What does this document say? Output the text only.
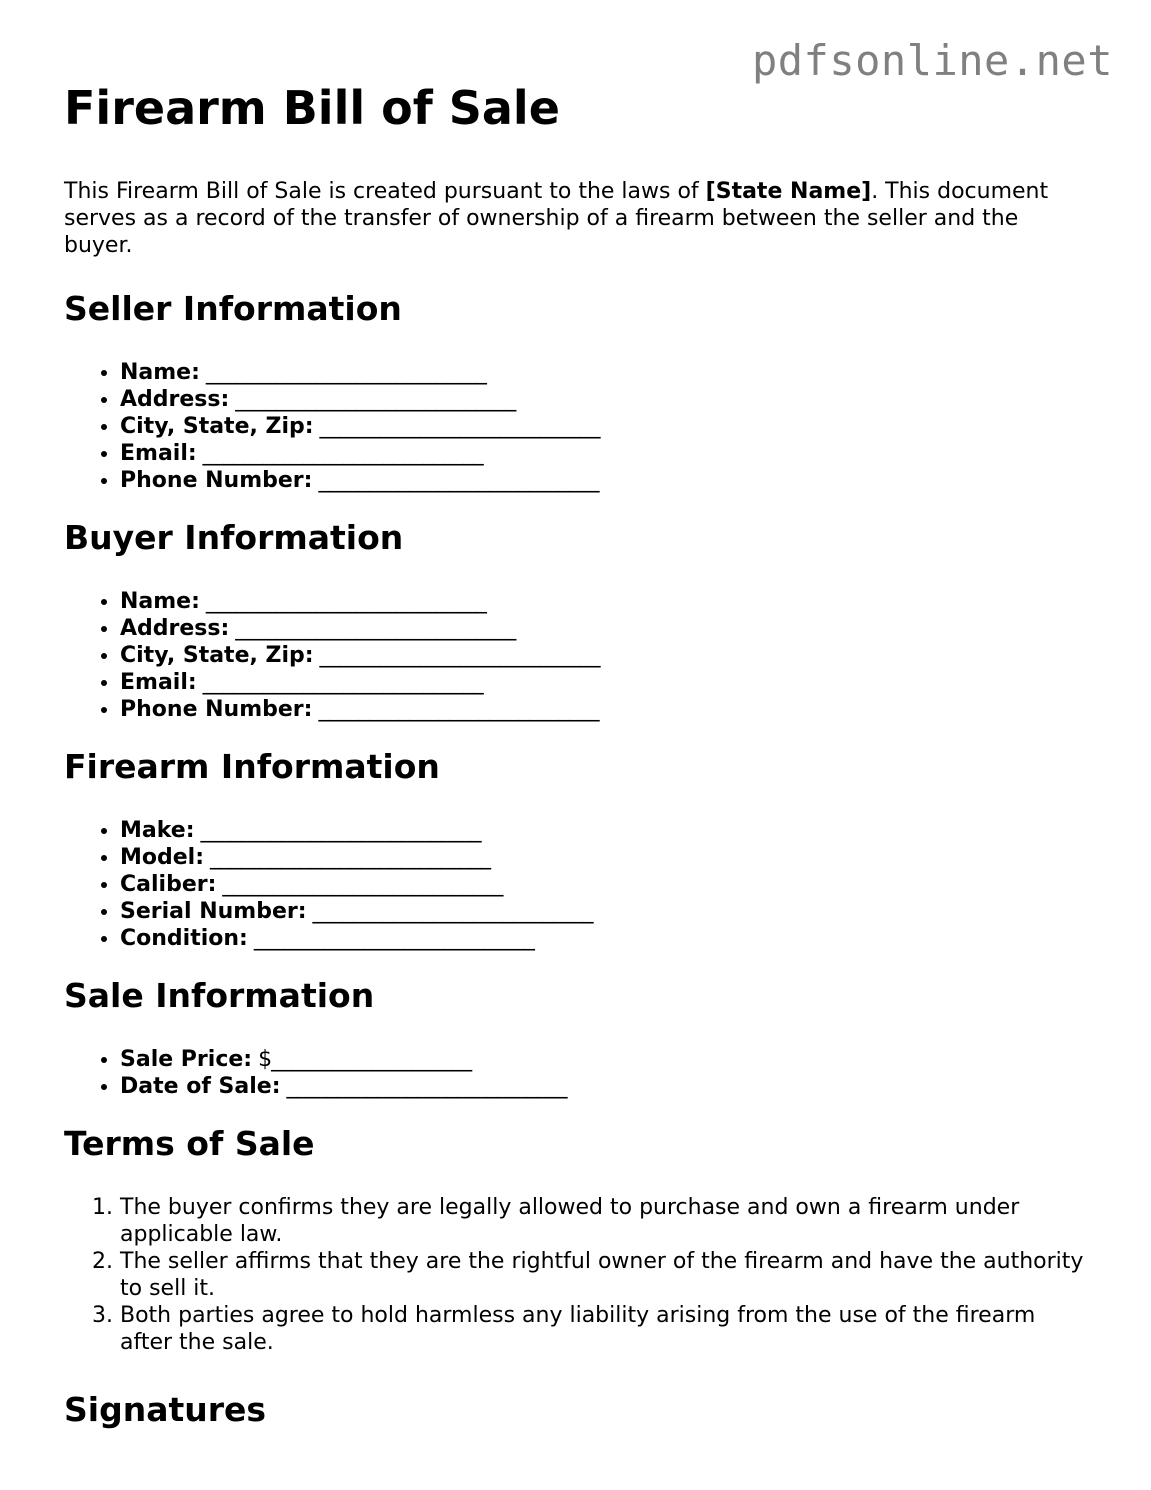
pdfsonline.net
Firearm Bill of Sale

This Firearm Bill of Sale is created pursuant to the laws of [State Name]. This document serves as a record of the transfer of ownership of a firearm between the seller and the buyer.

Seller Information
• Name: ____________________________
• Address: ____________________________
• City, State, Zip: ____________________________
• Email: ____________________________
• Phone Number: ____________________________
Buyer Information
• Name: ____________________________
• Address: ____________________________
• City, State, Zip: ____________________________
• Email: ____________________________
• Phone Number: ____________________________
Firearm Information
• Make: ____________________________
• Model: ____________________________
• Caliber: ____________________________
• Serial Number: ____________________________
• Condition: ____________________________
Sale Information
• Sale Price: $____________________
• Date of Sale: ____________________________
Terms of Sale
1. The buyer confirms they are legally allowed to purchase and own a firearm under applicable law.
2. The seller affirms that they are the rightful owner of the firearm and have the authority to sell it.
3. Both parties agree to hold harmless any liability arising from the use of the firearm after the sale.
Signatures
